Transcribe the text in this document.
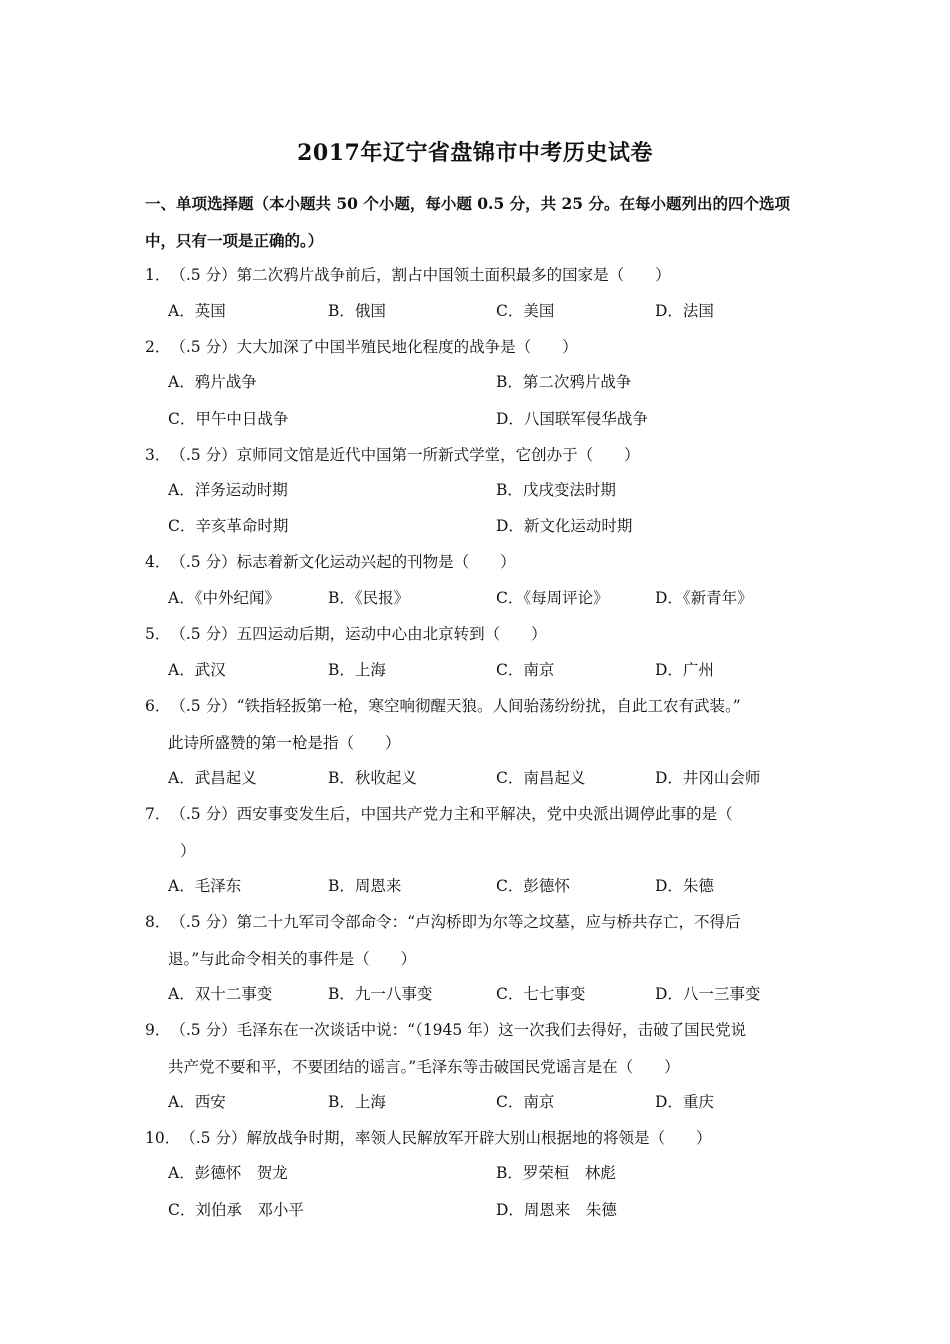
2017年辽宁省盘锦市中考历史试卷
一、单项选择题（本小题共 50 个小题，每小题 0.5 分，共 25 分。在每小题列出的四个选项
中，只有一项是正确的。）
1．（.5 分）第二次鸦片战争前后，割占中国领土面积最多的国家是（　　）
A．英国	B．俄国	C．美国	D．法国
2．（.5 分）大大加深了中国半殖民地化程度的战争是（　　）
A．鸦片战争	B．第二次鸦片战争
C．甲午中日战争	D．八国联军侵华战争
3．（.5 分）京师同文馆是近代中国第一所新式学堂，它创办于（　　）
A．洋务运动时期	B．戊戌变法时期
C．辛亥革命时期	D．新文化运动时期
4．（.5 分）标志着新文化运动兴起的刊物是（　　）
A．《中外纪闻》	B．《民报》	C．《每周评论》	D．《新青年》
5．（.5 分）五四运动后期，运动中心由北京转到（　　）
A．武汉	B．上海	C．南京	D．广州
6．（.5 分）“铁指轻扳第一枪，寒空响彻醒天狼。人间骀荡纷纷扰，自此工农有武装。”
此诗所盛赞的第一枪是指（　　）
A．武昌起义	B．秋收起义	C．南昌起义	D．井冈山会师
7．（.5 分）西安事变发生后，中国共产党力主和平解决，党中央派出调停此事的是（
）
A．毛泽东	B．周恩来	C．彭德怀	D．朱德
8．（.5 分）第二十九军司令部命令：“卢沟桥即为尔等之坟墓，应与桥共存亡，不得后
退。”与此命令相关的事件是（　　）
A．双十二事变	B．九一八事变	C．七七事变	D．八一三事变
9．（.5 分）毛泽东在一次谈话中说：“（1945 年）这一次我们去得好，击破了国民党说
共产党不要和平，不要团结的谣言。”毛泽东等击破国民党谣言是在（　　）
A．西安	B．上海	C．南京	D．重庆
10．（.5 分）解放战争时期，率领人民解放军开辟大别山根据地的将领是（　　）
A．彭德怀　贺龙	B．罗荣桓　林彪
C．刘伯承　邓小平	D．周恩来　朱德
